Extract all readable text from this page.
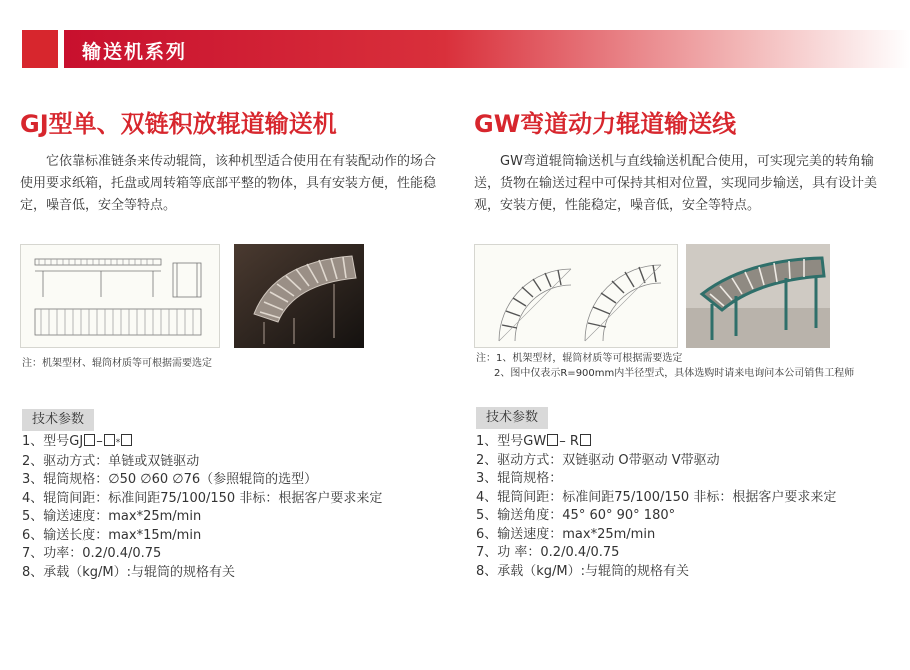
输送机系列
GJ型单、双链积放辊道输送机

它依靠标准链条来传动辊筒，该种机型适合使用在有装配动作的场合使用要求纸箱，托盘或周转箱等底部平整的物体，具有安装方便，性能稳定，噪音低，安全等特点。

注：机架型材、辊筒材质等可根据需要选定
技术参数
1、型号GJ – *
2、驱动方式：单链或双链驱动
3、辊筒规格：∅50 ∅60 ∅76（参照辊筒的选型）
4、辊筒间距：标准间距75/100/150 非标：根据客户要求来定
5、输送速度：max*25m/min
6、输送长度：max*15m/min
7、功率：0.2/0.4/0.75
8、承载（kg/M）:与辊筒的规格有关
GW弯道动力辊道输送线

GW弯道辊筒输送机与直线输送机配合使用，可实现完美的转角输送，货物在输送过程中可保持其相对位置，实现同步输送，具有设计美观，安装方便，性能稳定，噪音低，安全等特点。

注：1、机架型材，辊筒材质等可根据需要选定
2、图中仅表示R=900mm内半径型式，具体选购时请来电询问本公司销售工程师
技术参数
1、型号GW – R
2、驱动方式：双链驱动 O带驱动 V带驱动
3、辊筒规格：
4、辊筒间距：标准间距75/100/150 非标：根据客户要求来定
5、输送角度：45° 60° 90° 180°
6、输送速度：max*25m/min
7、功 率：0.2/0.4/0.75
8、承载（kg/M）:与辊筒的规格有关
